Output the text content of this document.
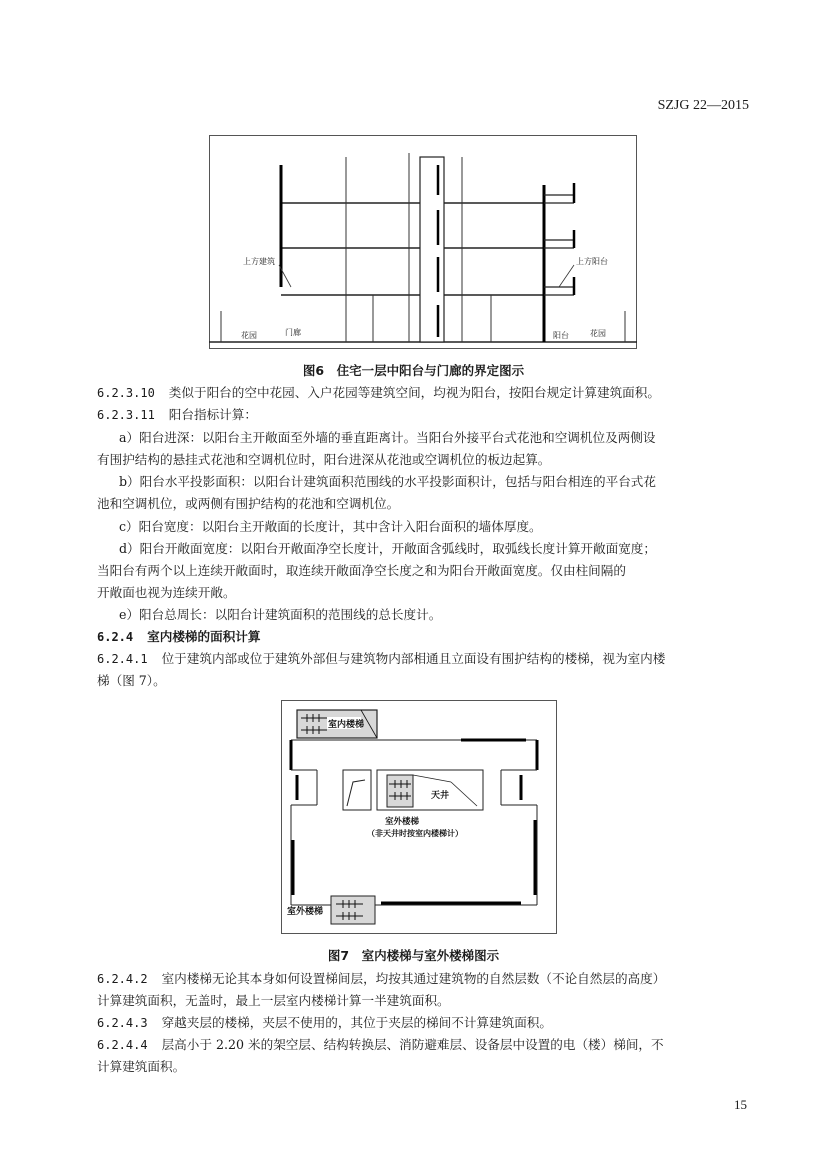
SZJG 22—2015
上方建筑	上方阳台
花园	门廊	阳台	花园
图6　住宅一层中阳台与门廊的界定图示
6.2.3.10 类似于阳台的空中花园、入户花园等建筑空间，均视为阳台，按阳台规定计算建筑面积。
6.2.3.11 阳台指标计算：
a）阳台进深：以阳台主开敞面至外墙的垂直距离计。当阳台外接平台式花池和空调机位及两侧设
有围护结构的悬挂式花池和空调机位时，阳台进深从花池或空调机位的板边起算。
b）阳台水平投影面积：以阳台计建筑面积范围线的水平投影面积计，包括与阳台相连的平台式花
池和空调机位，或两侧有围护结构的花池和空调机位。
c）阳台宽度：以阳台主开敞面的长度计，其中含计入阳台面积的墙体厚度。
d）阳台开敞面宽度：以阳台开敞面净空长度计，开敞面含弧线时，取弧线长度计算开敞面宽度；
当阳台有两个以上连续开敞面时，取连续开敞面净空长度之和为阳台开敞面宽度。仅由柱间隔的
开敞面也视为连续开敞。
e）阳台总周长：以阳台计建筑面积的范围线的总长度计。
6.2.4 室内楼梯的面积计算
6.2.4.1 位于建筑内部或位于建筑外部但与建筑物内部相通且立面设有围护结构的楼梯，视为室内楼
梯（图 7）。
室内楼梯
天井
室外楼梯
（非天井时按室内楼梯计）
室外楼梯
图7　室内楼梯与室外楼梯图示
6.2.4.2 室内楼梯无论其本身如何设置梯间层，均按其通过建筑物的自然层数（不论自然层的高度）
计算建筑面积，无盖时，最上一层室内楼梯计算一半建筑面积。
6.2.4.3 穿越夹层的楼梯，夹层不使用的，其位于夹层的梯间不计算建筑面积。
6.2.4.4 层高小于 2.20 米的架空层、结构转换层、消防避难层、设备层中设置的电（楼）梯间，不
计算建筑面积。
15
